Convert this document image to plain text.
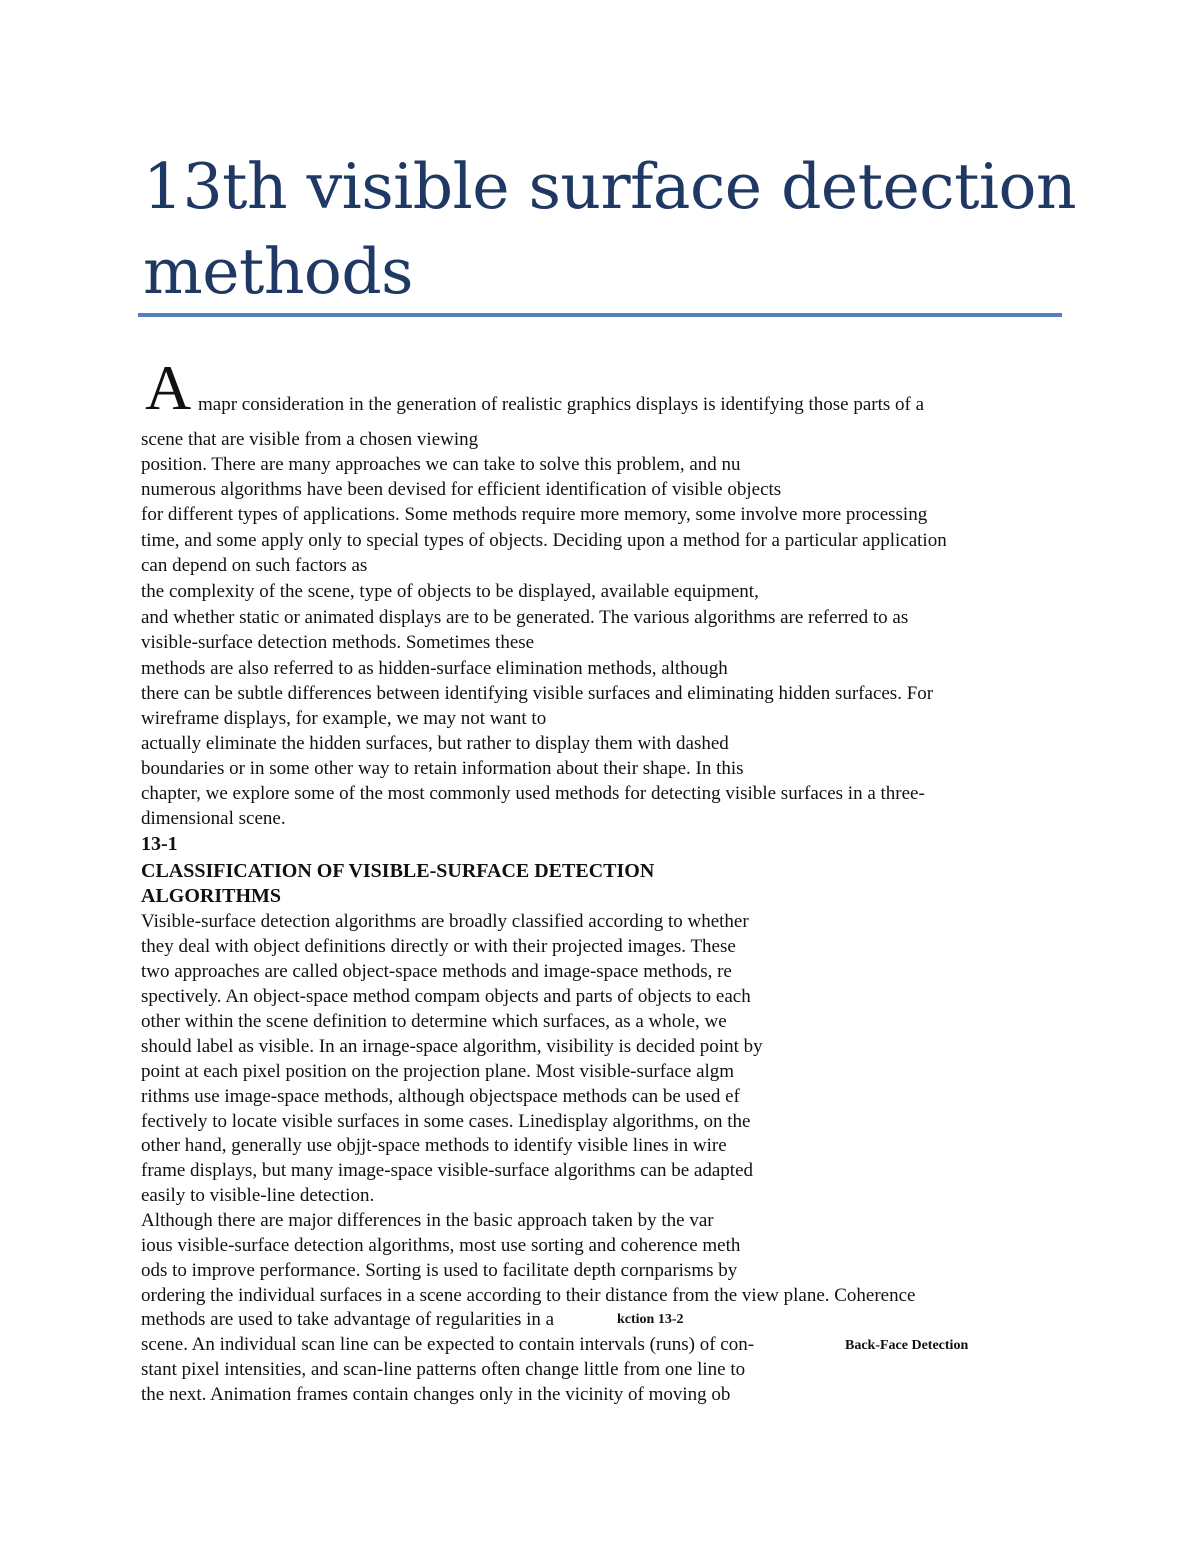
13th visible surface detection
methods
A mapr consideration in the generation of realistic graphics displays is identifying those parts of a
scene that are visible from a chosen viewing
position. There are many approaches we can take to solve this problem, and nu
numerous algorithms have been devised for efficient identification of visible objects
for different types of applications. Some methods require more memory, some involve more processing
time, and some apply only to special types of objects. Deciding upon a method for a particular application
can depend on such factors as
the complexity of the scene, type of objects to be displayed, available equipment,
and whether static or animated displays are to be generated. The various algorithms are referred to as
visible-surface detection methods. Sometimes these
methods are also referred to as hidden-surface elimination methods, although
there can be subtle differences between identifying visible surfaces and eliminating hidden surfaces. For
wireframe displays, for example, we may not want to
actually eliminate the hidden surfaces, but rather to display them with dashed
boundaries or in some other way to retain information about their shape. In this
chapter, we explore some of the most commonly used methods for detecting visible surfaces in a three-
dimensional scene.
13-1
CLASSIFICATION OF VISIBLE-SURFACE DETECTION
ALGORITHMS
Visible-surface detection algorithms are broadly classified according to whether
they deal with object definitions directly or with their projected images. These
two approaches are called object-space methods and image-space methods, re
spectively. An object-space method compam objects and parts of objects to each
other within the scene definition to determine which surfaces, as a whole, we
should label as visible. In an irnage-space algorithm, visibility is decided point by
point at each pixel position on the projection plane. Most visible-surface algm
rithms use image-space methods, although objectspace methods can be used ef
fectively to locate visible surfaces in some cases. Linedisplay algorithms, on the
other hand, generally use objjt-space methods to identify visible lines in wire
frame displays, but many image-space visible-surface algorithms can be adapted
easily to visible-line detection.
Although there are major differences in the basic approach taken by the var
ious visible-surface detection algorithms, most use sorting and coherence meth
ods to improve performance. Sorting is used to facilitate depth cornparisms by
ordering the individual surfaces in a scene according to their distance from the view plane. Coherence
methods are used to take advantage of regularities in a
scene. An individual scan line can be expected to contain intervals (runs) of con-
stant pixel intensities, and scan-line patterns often change little from one line to
the next. Animation frames contain changes only in the vicinity of moving ob
kction 13-2
Back-Face Detection
